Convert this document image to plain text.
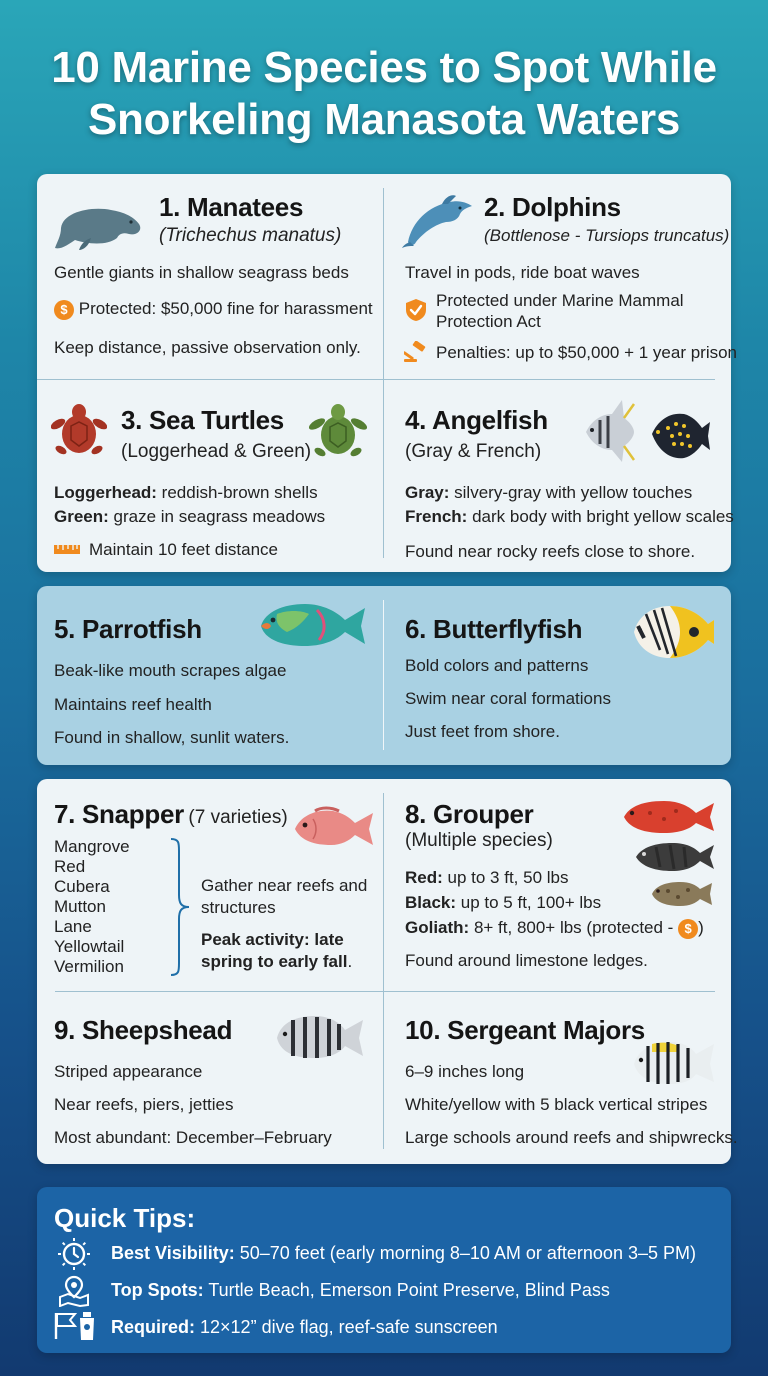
10 Marine Species to Spot While
Snorkeling Manasota Waters
1. Manatees
(Trichechus manatus)
Gentle giants in shallow seagrass beds
$ Protected: $50,000 fine for harassment
Keep distance, passive observation only.
2. Dolphins
(Bottlenose - Tursiops truncatus)
Travel in pods, ride boat waves
Protected under Marine Mammal
Protection Act
Penalties: up to $50,000 + 1 year prison
3. Sea Turtles
(Loggerhead & Green)
Loggerhead: reddish-brown shells
Green: graze in seagrass meadows
Maintain 10 feet distance
4. Angelfish
(Gray & French)
Gray: silvery-gray with yellow touches
French: dark body with bright yellow scales
Found near rocky reefs close to shore.
5. Parrotfish
Beak-like mouth scrapes algae
Maintains reef health
Found in shallow, sunlit waters.
6. Butterflyfish
Bold colors and patterns
Swim near coral formations
Just feet from shore.
7. Snapper (7 varieties)
Mangrove
Red
Cubera
Mutton
Lane
Yellowtail
Vermilion
Gather near reefs and
structures
Peak activity: late
spring to early fall.
8. Grouper
(Multiple species)
Red: up to 3 ft, 50 lbs
Black: up to 5 ft, 100+ lbs
Goliath: 8+ ft, 800+ lbs (protected - $ )
Found around limestone ledges.
9. Sheepshead
Striped appearance
Near reefs, piers, jetties
Most abundant: December–February
10. Sergeant Majors
6–9 inches long
White/yellow with 5 black vertical stripes
Large schools around reefs and shipwrecks.
Quick Tips:
Best Visibility: 50–70 feet (early morning 8–10 AM or afternoon 3–5 PM)
Top Spots: Turtle Beach, Emerson Point Preserve, Blind Pass
Required: 12×12” dive flag, reef-safe sunscreen
